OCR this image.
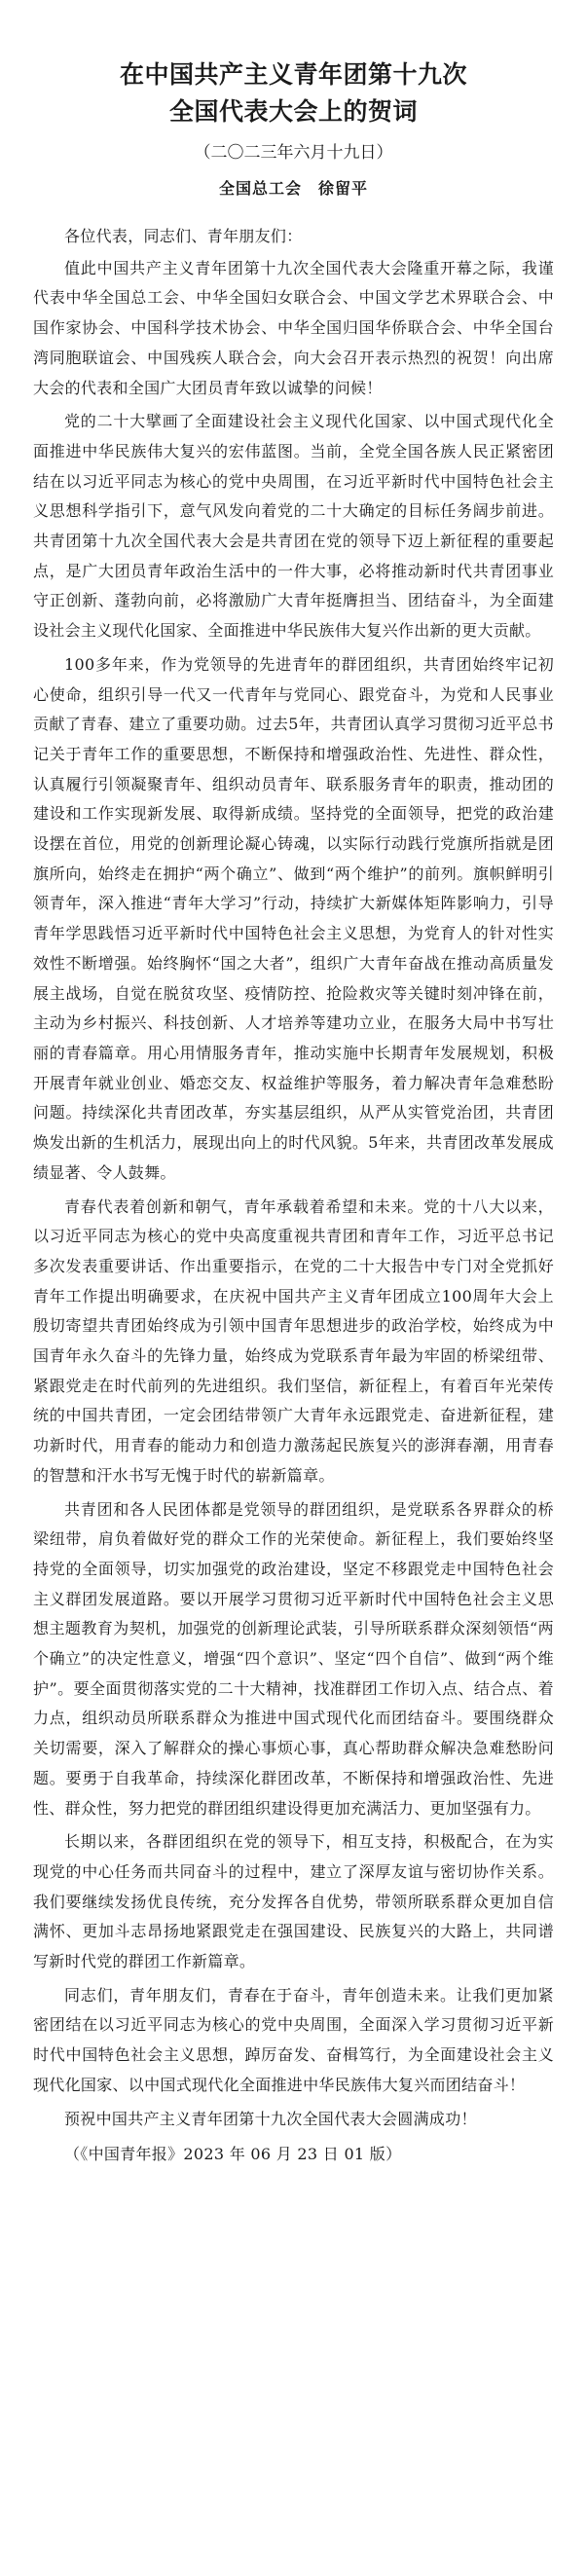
在中国共产主义青年团第十九次
全国代表大会上的贺词
（二〇二三年六月十九日）
全国总工会　徐留平

各位代表，同志们、青年朋友们：

值此中国共产主义青年团第十九次全国代表大会隆重开幕之际，我谨代表中华全国总工会、中华全国妇女联合会、中国文学艺术界联合会、中国作家协会、中国科学技术协会、中华全国归国华侨联合会、中华全国台湾同胞联谊会、中国残疾人联合会，向大会召开表示热烈的祝贺！向出席大会的代表和全国广大团员青年致以诚挚的问候！

党的二十大擘画了全面建设社会主义现代化国家、以中国式现代化全面推进中华民族伟大复兴的宏伟蓝图。当前，全党全国各族人民正紧密团结在以习近平同志为核心的党中央周围，在习近平新时代中国特色社会主义思想科学指引下，意气风发向着党的二十大确定的目标任务阔步前进。共青团第十九次全国代表大会是共青团在党的领导下迈上新征程的重要起点，是广大团员青年政治生活中的一件大事，必将推动新时代共青团事业守正创新、蓬勃向前，必将激励广大青年挺膺担当、团结奋斗，为全面建设社会主义现代化国家、全面推进中华民族伟大复兴作出新的更大贡献。

100多年来，作为党领导的先进青年的群团组织，共青团始终牢记初心使命，组织引导一代又一代青年与党同心、跟党奋斗，为党和人民事业贡献了青春、建立了重要功勋。过去5年，共青团认真学习贯彻习近平总书记关于青年工作的重要思想，不断保持和增强政治性、先进性、群众性，认真履行引领凝聚青年、组织动员青年、联系服务青年的职责，推动团的建设和工作实现新发展、取得新成绩。坚持党的全面领导，把党的政治建设摆在首位，用党的创新理论凝心铸魂，以实际行动践行党旗所指就是团旗所向，始终走在拥护“两个确立”、做到“两个维护”的前列。旗帜鲜明引领青年，深入推进“青年大学习”行动，持续扩大新媒体矩阵影响力，引导青年学思践悟习近平新时代中国特色社会主义思想，为党育人的针对性实效性不断增强。始终胸怀“国之大者”，组织广大青年奋战在推动高质量发展主战场，自觉在脱贫攻坚、疫情防控、抢险救灾等关键时刻冲锋在前，主动为乡村振兴、科技创新、人才培养等建功立业，在服务大局中书写壮丽的青春篇章。用心用情服务青年，推动实施中长期青年发展规划，积极开展青年就业创业、婚恋交友、权益维护等服务，着力解决青年急难愁盼问题。持续深化共青团改革，夯实基层组织，从严从实管党治团，共青团焕发出新的生机活力，展现出向上的时代风貌。5年来，共青团改革发展成绩显著、令人鼓舞。

青春代表着创新和朝气，青年承载着希望和未来。党的十八大以来，以习近平同志为核心的党中央高度重视共青团和青年工作，习近平总书记多次发表重要讲话、作出重要指示，在党的二十大报告中专门对全党抓好青年工作提出明确要求，在庆祝中国共产主义青年团成立100周年大会上殷切寄望共青团始终成为引领中国青年思想进步的政治学校，始终成为中国青年永久奋斗的先锋力量，始终成为党联系青年最为牢固的桥梁纽带、紧跟党走在时代前列的先进组织。我们坚信，新征程上，有着百年光荣传统的中国共青团，一定会团结带领广大青年永远跟党走、奋进新征程，建功新时代，用青春的能动力和创造力激荡起民族复兴的澎湃春潮，用青春的智慧和汗水书写无愧于时代的崭新篇章。

共青团和各人民团体都是党领导的群团组织，是党联系各界群众的桥梁纽带，肩负着做好党的群众工作的光荣使命。新征程上，我们要始终坚持党的全面领导，切实加强党的政治建设，坚定不移跟党走中国特色社会主义群团发展道路。要以开展学习贯彻习近平新时代中国特色社会主义思想主题教育为契机，加强党的创新理论武装，引导所联系群众深刻领悟“两个确立”的决定性意义，增强“四个意识”、坚定“四个自信”、做到“两个维护”。要全面贯彻落实党的二十大精神，找准群团工作切入点、结合点、着力点，组织动员所联系群众为推进中国式现代化而团结奋斗。要围绕群众关切需要，深入了解群众的操心事烦心事，真心帮助群众解决急难愁盼问题。要勇于自我革命，持续深化群团改革，不断保持和增强政治性、先进性、群众性，努力把党的群团组织建设得更加充满活力、更加坚强有力。

长期以来，各群团组织在党的领导下，相互支持，积极配合，在为实现党的中心任务而共同奋斗的过程中，建立了深厚友谊与密切协作关系。我们要继续发扬优良传统，充分发挥各自优势，带领所联系群众更加自信满怀、更加斗志昂扬地紧跟党走在强国建设、民族复兴的大路上，共同谱写新时代党的群团工作新篇章。

同志们，青年朋友们，青春在于奋斗，青年创造未来。让我们更加紧密团结在以习近平同志为核心的党中央周围，全面深入学习贯彻习近平新时代中国特色社会主义思想，踔厉奋发、奋楫笃行，为全面建设社会主义现代化国家、以中国式现代化全面推进中华民族伟大复兴而团结奋斗！

预祝中国共产主义青年团第十九次全国代表大会圆满成功！

（《中国青年报》2023 年 06 月 23 日 01 版）
